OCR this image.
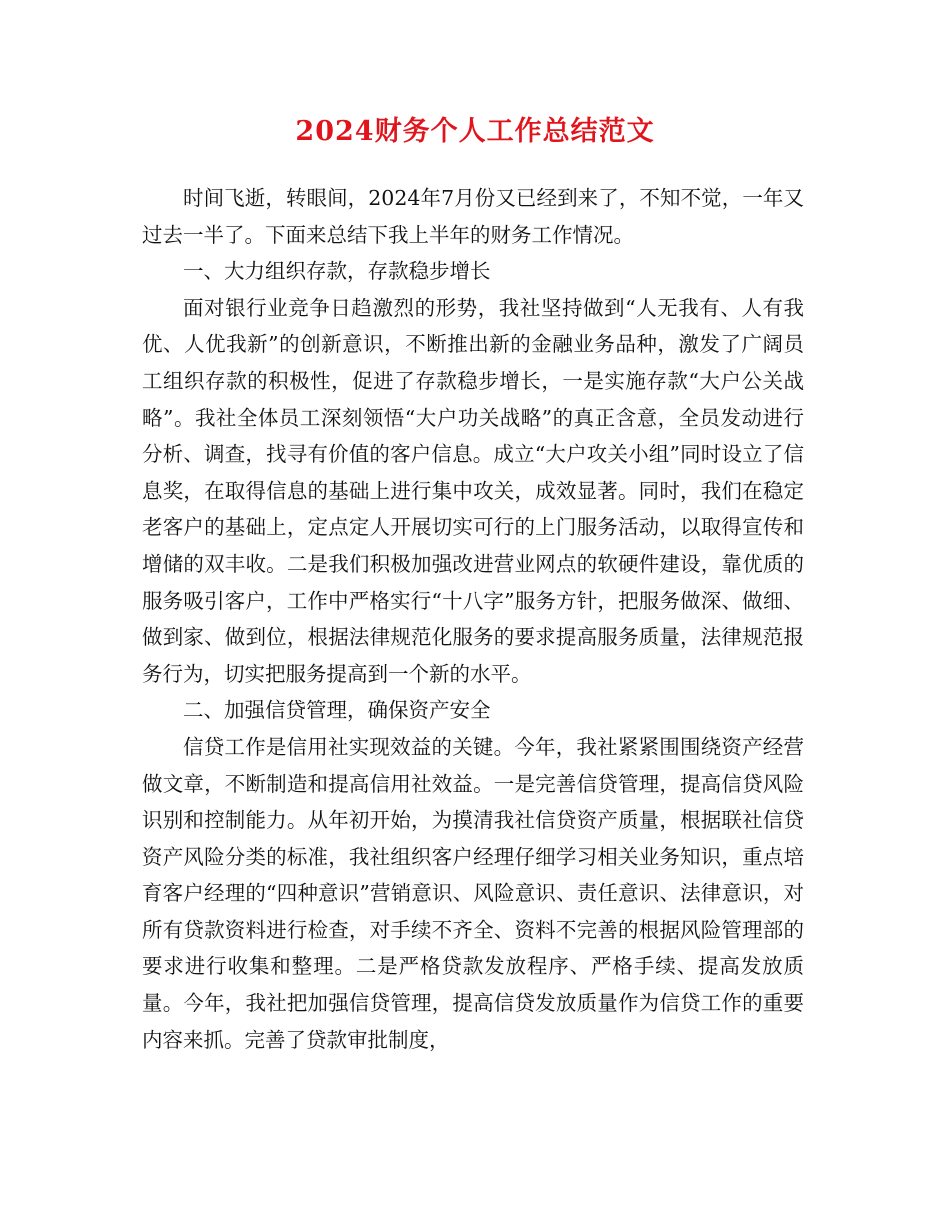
2024财务个人工作总结范文

时间飞逝，转眼间，2024年7月份又已经到来了，不知不觉，一年又过去一半了。下面来总结下我上半年的财务工作情况。

一、大力组织存款，存款稳步增长

面对银行业竞争日趋激烈的形势，我社坚持做到“人无我有、人有我优、人优我新”的创新意识，不断推出新的金融业务品种，激发了广阔员工组织存款的积极性，促进了存款稳步增长，一是实施存款“大户公关战略”。我社全体员工深刻领悟“大户功关战略”的真正含意，全员发动进行分析、调查，找寻有价值的客户信息。成立“大户攻关小组”同时设立了信息奖，在取得信息的基础上进行集中攻关，成效显著。同时，我们在稳定老客户的基础上，定点定人开展切实可行的上门服务活动，以取得宣传和增储的双丰收。二是我们积极加强改进营业网点的软硬件建设，靠优质的服务吸引客户，工作中严格实行“十八字”服务方针，把服务做深、做细、做到家、做到位，根据法律规范化服务的要求提高服务质量，法律规范报务行为，切实把服务提高到一个新的水平。

二、加强信贷管理，确保资产安全

信贷工作是信用社实现效益的关键。今年，我社紧紧围围绕资产经营做文章，不断制造和提高信用社效益。一是完善信贷管理，提高信贷风险识别和控制能力。从年初开始，为摸清我社信贷资产质量，根据联社信贷资产风险分类的标准，我社组织客户经理仔细学习相关业务知识，重点培育客户经理的“四种意识”营销意识、风险意识、责任意识、法律意识，对所有贷款资料进行检查，对手续不齐全、资料不完善的根据风险管理部的要求进行收集和整理。二是严格贷款发放程序、严格手续、提高发放质量。今年，我社把加强信贷管理，提高信贷发放质量作为信贷工作的重要内容来抓。完善了贷款审批制度，
